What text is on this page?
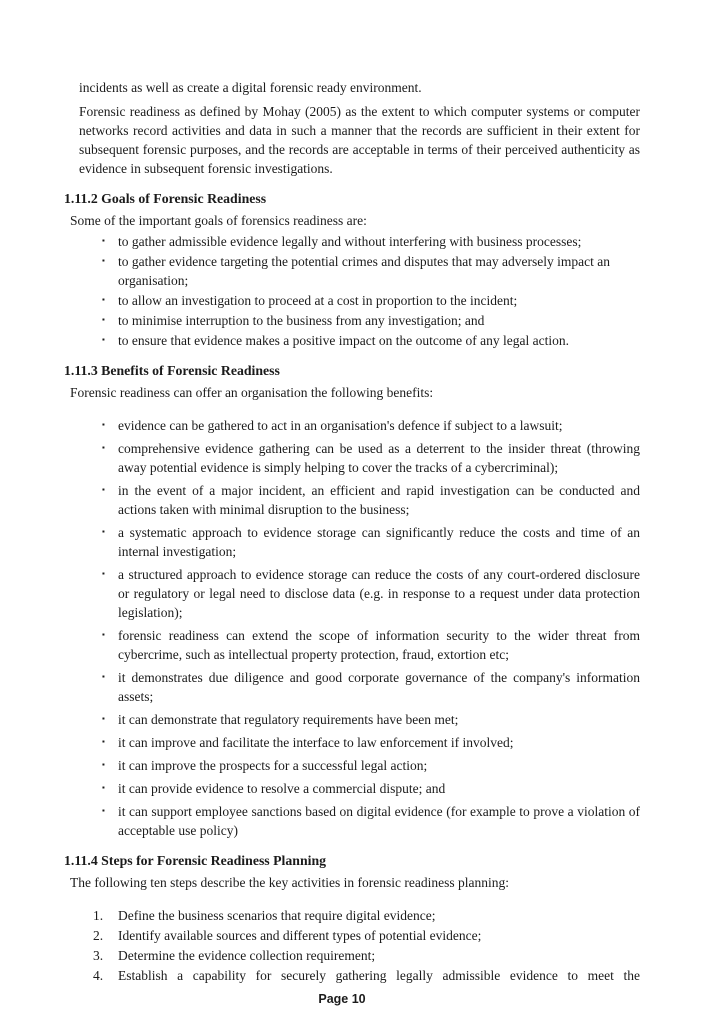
incidents as well as create a digital forensic ready environment.

Forensic readiness as defined by Mohay (2005) as the extent to which computer systems or computer networks record activities and data in such a manner that the records are sufficient in their extent for subsequent forensic purposes, and the records are acceptable in terms of their perceived authenticity as evidence in subsequent forensic investigations.

1.11.2 Goals of Forensic Readiness
Some of the important goals of forensics readiness are:
▪ to gather admissible evidence legally and without interfering with business processes;
▪ to gather evidence targeting the potential crimes and disputes that may adversely impact an organisation;
▪ to allow an investigation to proceed at a cost in proportion to the incident;
▪ to minimise interruption to the business from any investigation; and
▪ to ensure that evidence makes a positive impact on the outcome of any legal action.
1.11.3 Benefits of Forensic Readiness
Forensic readiness can offer an organisation the following benefits:
▪ evidence can be gathered to act in an organisation's defence if subject to a lawsuit;
▪ comprehensive evidence gathering can be used as a deterrent to the insider threat (throwing away potential evidence is simply helping to cover the tracks of a cybercriminal);
▪ in the event of a major incident, an efficient and rapid investigation can be conducted and actions taken with minimal disruption to the business;
▪ a systematic approach to evidence storage can significantly reduce the costs and time of an internal investigation;
▪ a structured approach to evidence storage can reduce the costs of any court-ordered disclosure or regulatory or legal need to disclose data (e.g. in response to a request under data protection legislation);
▪ forensic readiness can extend the scope of information security to the wider threat from cybercrime, such as intellectual property protection, fraud, extortion etc;
▪ it demonstrates due diligence and good corporate governance of the company's information assets;
▪ it can demonstrate that regulatory requirements have been met;
▪ it can improve and facilitate the interface to law enforcement if involved;
▪ it can improve the prospects for a successful legal action;
▪ it can provide evidence to resolve a commercial dispute; and
▪ it can support employee sanctions based on digital evidence (for example to prove a violation of acceptable use policy)
1.11.4 Steps for Forensic Readiness Planning
The following ten steps describe the key activities in forensic readiness planning:
1. Define the business scenarios that require digital evidence;
2. Identify available sources and different types of potential evidence;
3. Determine the evidence collection requirement;
4. Establish a capability for securely gathering legally admissible evidence to meet the
Page 10
